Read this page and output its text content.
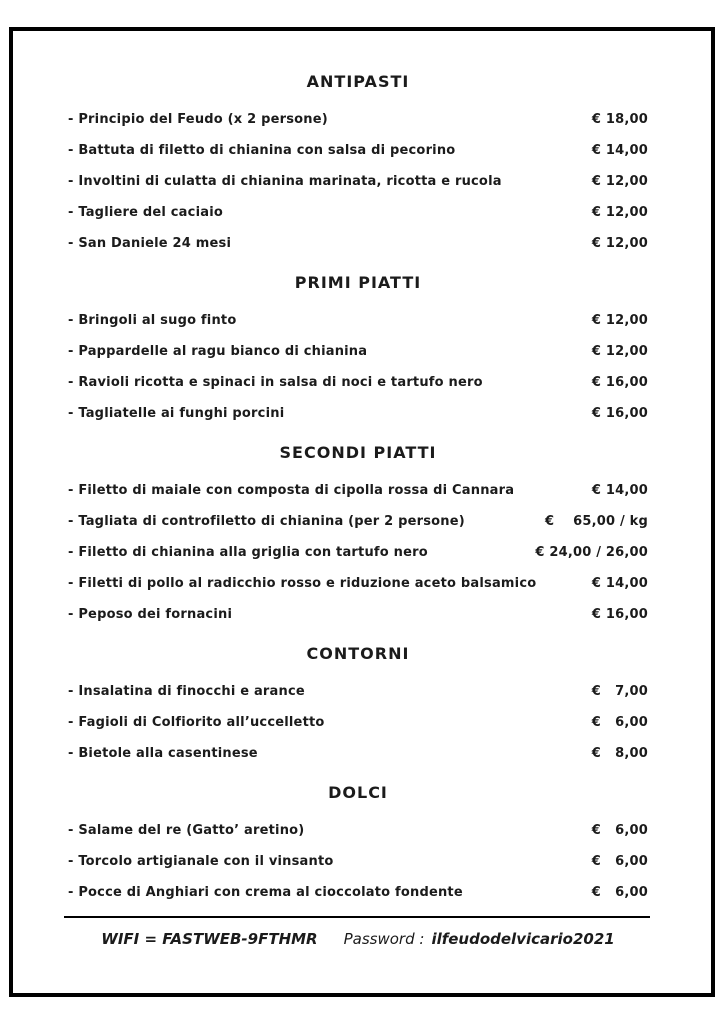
ANTIPASTI
- Principio del Feudo (x 2 persone)	€ 18,00
- Battuta di filetto di chianina con salsa di pecorino	€ 14,00
- Involtini di culatta di chianina marinata, ricotta e rucola	€ 12,00
- Tagliere del caciaio	€ 12,00
- San Daniele 24 mesi	€ 12,00
PRIMI PIATTI
- Bringoli al sugo finto	€ 12,00
- Pappardelle al ragu bianco di chianina	€ 12,00
- Ravioli ricotta e spinaci in salsa di noci e tartufo nero	€ 16,00
- Tagliatelle ai funghi porcini	€ 16,00
SECONDI PIATTI
- Filetto di maiale con composta di cipolla rossa di Cannara	€ 14,00
- Tagliata di controfiletto di chianina (per 2 persone)	€    65,00 / kg
- Filetto di chianina alla griglia con tartufo nero	€ 24,00 / 26,00
- Filetti di pollo al radicchio rosso e riduzione aceto balsamico	€ 14,00
- Peposo dei fornacini	€ 16,00
CONTORNI
- Insalatina di finocchi e arance	€   7,00
- Fagioli di Colfiorito all’uccelletto	€   6,00
- Bietole alla casentinese	€   8,00
DOLCI
- Salame del re (Gatto’ aretino)	€   6,00
- Torcolo artigianale con il vinsanto	€   6,00
- Pocce di Anghiari con crema al cioccolato fondente	€   6,00
WIFI = FASTWEB-9FTHMR Password : ilfeudodelvicario2021
